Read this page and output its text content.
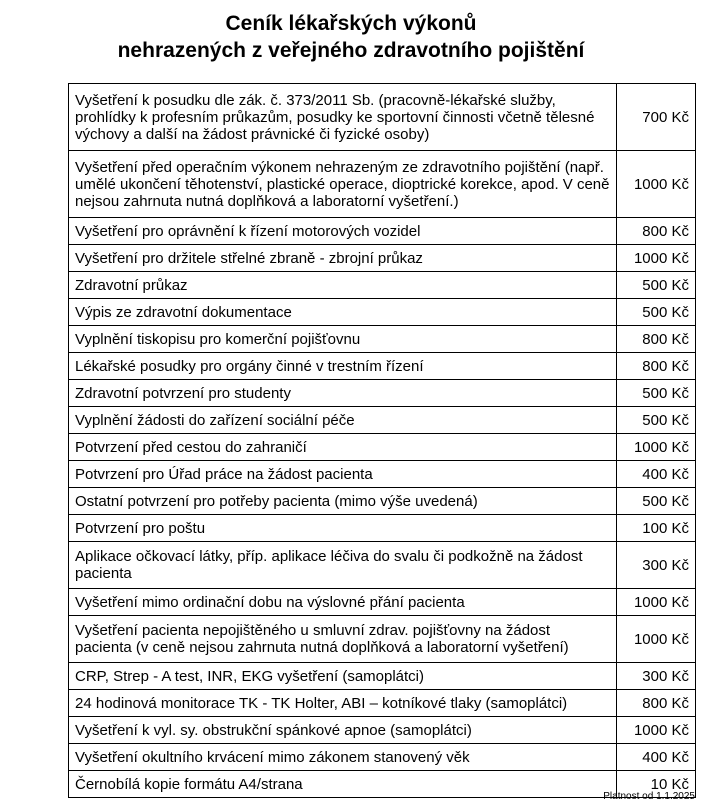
Ceník lékařských výkonů
nehrazených z veřejného zdravotního pojištění
Vyšetření k posudku dle zák. č. 373/2011 Sb. (pracovně-lékařské služby, prohlídky k profesním průkazům, posudky ke sportovní činnosti včetně tělesné výchovy a další na žádost právnické či fyzické osoby)	700 Kč
Vyšetření před operačním výkonem nehrazeným ze zdravotního pojištění (např. umělé ukončení těhotenství, plastické operace, dioptrické korekce, apod. V ceně nejsou zahrnuta nutná doplňková a laboratorní vyšetření.)	1000 Kč
Vyšetření pro oprávnění k řízení motorových vozidel	800 Kč
Vyšetření pro držitele střelné zbraně - zbrojní průkaz	1000 Kč
Zdravotní průkaz	500 Kč
Výpis ze zdravotní dokumentace	500 Kč
Vyplnění tiskopisu pro komerční pojišťovnu	800 Kč
Lékařské posudky pro orgány činné v trestním řízení	800 Kč
Zdravotní potvrzení pro studenty	500 Kč
Vyplnění žádosti do zařízení sociální péče	500 Kč
Potvrzení před cestou do zahraničí	1000 Kč
Potvrzení pro Úřad práce na žádost pacienta	400 Kč
Ostatní potvrzení pro potřeby pacienta (mimo výše uvedená)	500 Kč
Potvrzení pro poštu	100 Kč
Aplikace očkovací látky, příp. aplikace léčiva do svalu či podkožně na žádost pacienta	300 Kč
Vyšetření mimo ordinační dobu na výslovné přání pacienta	1000 Kč
Vyšetření pacienta nepojištěného u smluvní zdrav. pojišťovny na žádost pacienta (v ceně nejsou zahrnuta nutná doplňková a laboratorní vyšetření)	1000 Kč
CRP, Strep - A test, INR, EKG vyšetření (samoplátci)	300 Kč
24 hodinová monitorace TK - TK Holter, ABI – kotníkové tlaky (samoplátci)	800 Kč
Vyšetření k vyl. sy. obstrukční spánkové apnoe (samoplátci)	1000 Kč
Vyšetření okultního krvácení mimo zákonem stanovený věk	400 Kč
Černobílá kopie formátu A4/strana	10 Kč
Platnost od 1.1.2025
